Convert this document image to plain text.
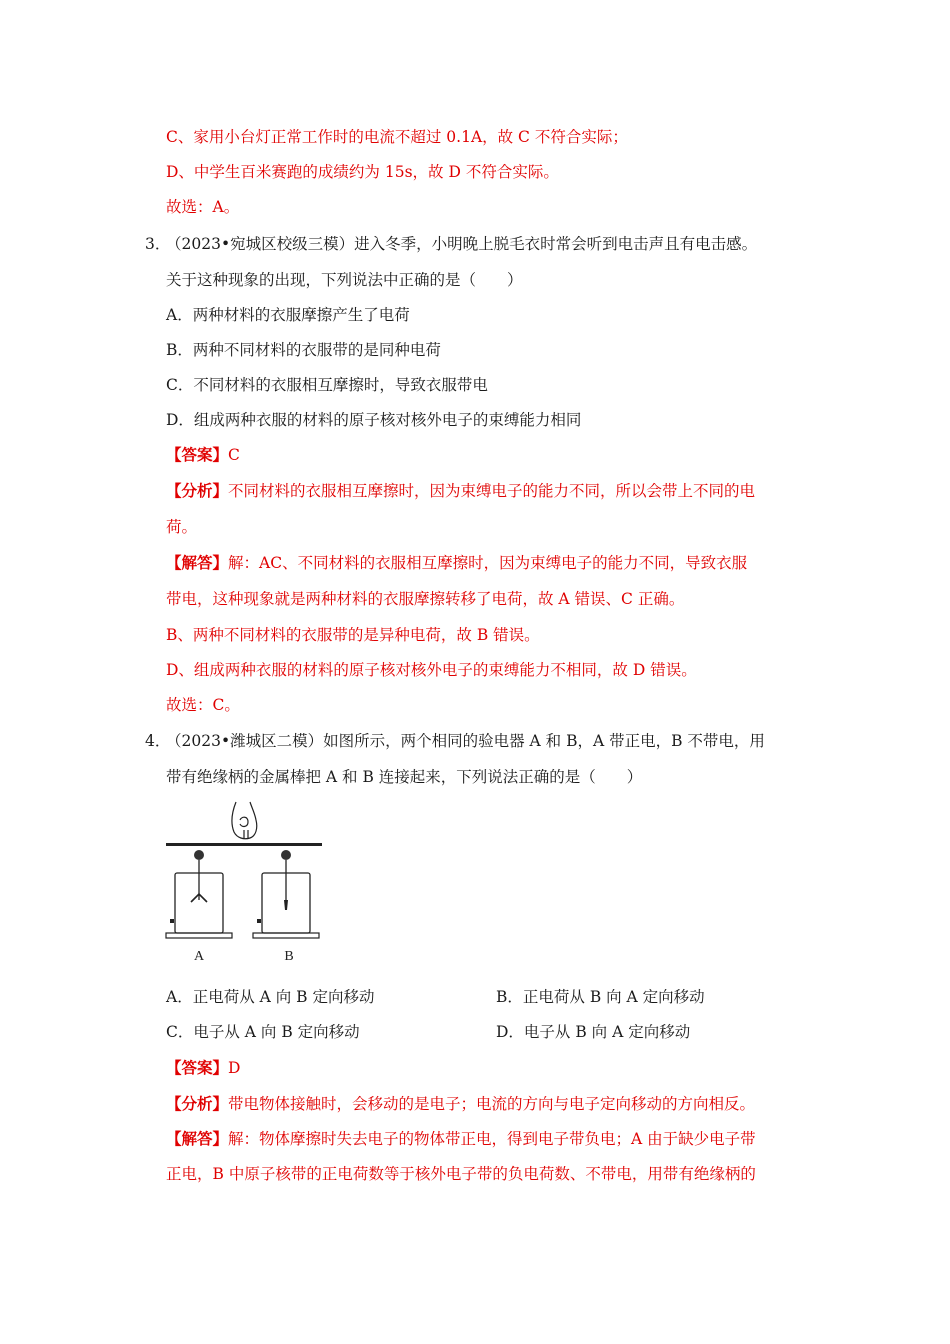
C、家用小台灯正常工作时的电流不超过 0.1A，故 C 不符合实际；
D、中学生百米赛跑的成绩约为 15s，故 D 不符合实际。
故选：A。
3．
（2023•宛城区校级三模）进入冬季，小明晚上脱毛衣时常会听到电击声且有电击感。
关于这种现象的出现，下列说法中正确的是（　　）
A．两种材料的衣服摩擦产生了电荷
B．两种不同材料的衣服带的是同种电荷
C．不同材料的衣服相互摩擦时，导致衣服带电
D．组成两种衣服的材料的原子核对核外电子的束缚能力相同
【答案】C
【分析】不同材料的衣服相互摩擦时，因为束缚电子的能力不同，所以会带上不同的电
荷。
【解答】解：AC、不同材料的衣服相互摩擦时，因为束缚电子的能力不同，导致衣服
带电，这种现象就是两种材料的衣服摩擦转移了电荷，故 A 错误、C 正确。
B、两种不同材料的衣服带的是异种电荷，故 B 错误。
D、组成两种衣服的材料的原子核对核外电子的束缚能力不相同，故 D 错误。
故选：C。
4．
（2023•潍城区二模）如图所示，两个相同的验电器 A 和 B，A 带正电，B 不带电，用
带有绝缘柄的金属棒把 A 和 B 连接起来，下列说法正确的是（　　）
A	B
A．正电荷从 A 向 B 定向移动	B．正电荷从 B 向 A 定向移动
C．电子从 A 向 B 定向移动	D．电子从 B 向 A 定向移动
【答案】D
【分析】带电物体接触时，会移动的是电子；电流的方向与电子定向移动的方向相反。
【解答】解：物体摩擦时失去电子的物体带正电，得到电子带负电；A 由于缺少电子带
正电，B 中原子核带的正电荷数等于核外电子带的负电荷数、不带电，用带有绝缘柄的
